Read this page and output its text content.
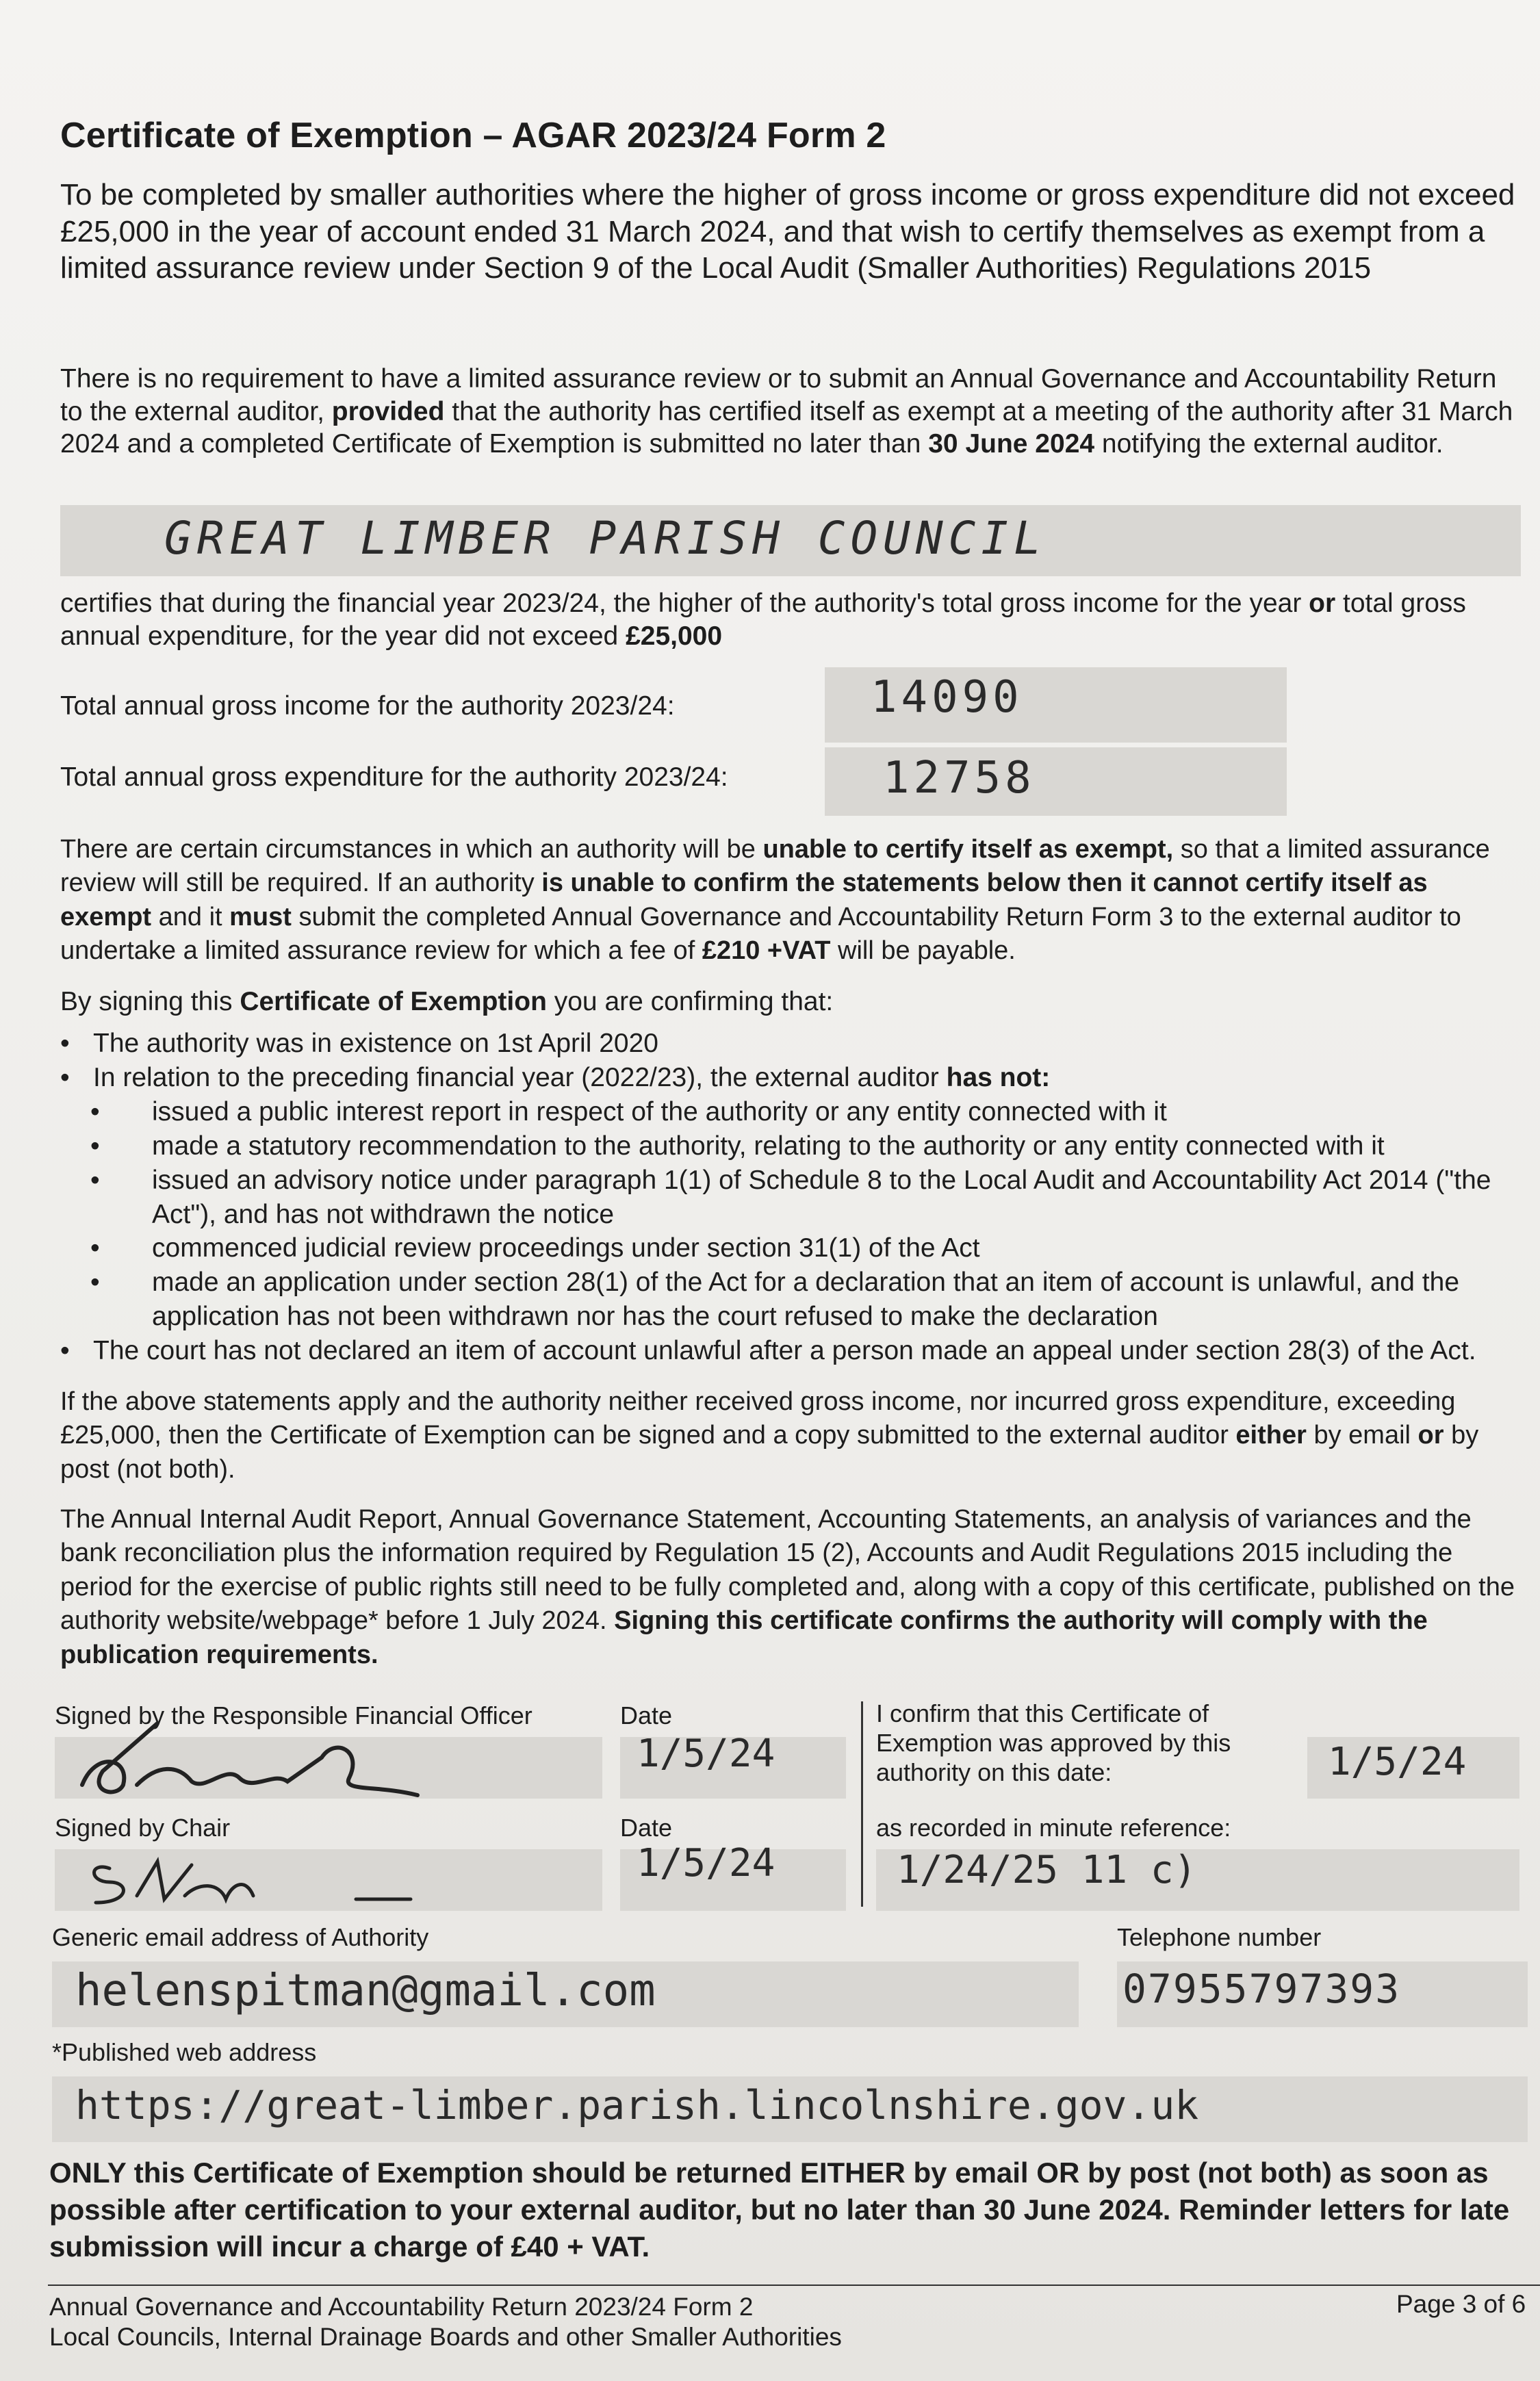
Certificate of Exemption – AGAR 2023/24 Form 2

To be completed by smaller authorities where the higher of gross income or gross expenditure did not exceed £25,000 in the year of account ended 31 March 2024, and that wish to certify themselves as exempt from a limited assurance review under Section 9 of the Local Audit (Smaller Authorities) Regulations 2015

There is no requirement to have a limited assurance review or to submit an Annual Governance and Accountability Return to the external auditor, provided that the authority has certified itself as exempt at a meeting of the authority after 31 March 2024 and a completed Certificate of Exemption is submitted no later than 30 June 2024 notifying the external auditor.

GREAT LIMBER PARISH COUNCIL

certifies that during the financial year 2023/24, the higher of the authority's total gross income for the year or total gross annual expenditure, for the year did not exceed £25,000

Total annual gross income for the authority 2023/24:	14090
Total annual gross expenditure for the authority 2023/24:	12758

There are certain circumstances in which an authority will be unable to certify itself as exempt, so that a limited assurance review will still be required. If an authority is unable to confirm the statements below then it cannot certify itself as exempt and it must submit the completed Annual Governance and Accountability Return Form 3 to the external auditor to undertake a limited assurance review for which a fee of £210 +VAT will be payable.

By signing this Certificate of Exemption you are confirming that:

• The authority was in existence on 1st April 2020
• In relation to the preceding financial year (2022/23), the external auditor has not:
• issued a public interest report in respect of the authority or any entity connected with it
• made a statutory recommendation to the authority, relating to the authority or any entity connected with it
• issued an advisory notice under paragraph 1(1) of Schedule 8 to the Local Audit and Accountability Act 2014 ("the Act"), and has not withdrawn the notice
• commenced judicial review proceedings under section 31(1) of the Act
• made an application under section 28(1) of the Act for a declaration that an item of account is unlawful, and the application has not been withdrawn nor has the court refused to make the declaration
• The court has not declared an item of account unlawful after a person made an appeal under section 28(3) of the Act.

If the above statements apply and the authority neither received gross income, nor incurred gross expenditure, exceeding £25,000, then the Certificate of Exemption can be signed and a copy submitted to the external auditor either by email or by post (not both).

The Annual Internal Audit Report, Annual Governance Statement, Accounting Statements, an analysis of variances and the bank reconciliation plus the information required by Regulation 15 (2), Accounts and Audit Regulations 2015 including the period for the exercise of public rights still need to be fully completed and, along with a copy of this certificate, published on the authority website/webpage* before 1 July 2024. Signing this certificate confirms the authority will comply with the publication requirements.

Signed by the Responsible Financial Officer	Date
1/5/24
I confirm that this Certificate of Exemption was approved by this authority on this date:	1/5/24
Signed by Chair	Date
1/5/24
as recorded in minute reference:
1/24/25 11 c)
Generic email address of Authority
helenspitman@gmail.com
Telephone number
07955797393
*Published web address
https://great-limber.parish.lincolnshire.gov.uk

ONLY this Certificate of Exemption should be returned EITHER by email OR by post (not both) as soon as possible after certification to your external auditor, but no later than 30 June 2024. Reminder letters for late submission will incur a charge of £40 + VAT.

Annual Governance and Accountability Return 2023/24 Form 2
Local Councils, Internal Drainage Boards and other Smaller Authorities
Page 3 of 6
